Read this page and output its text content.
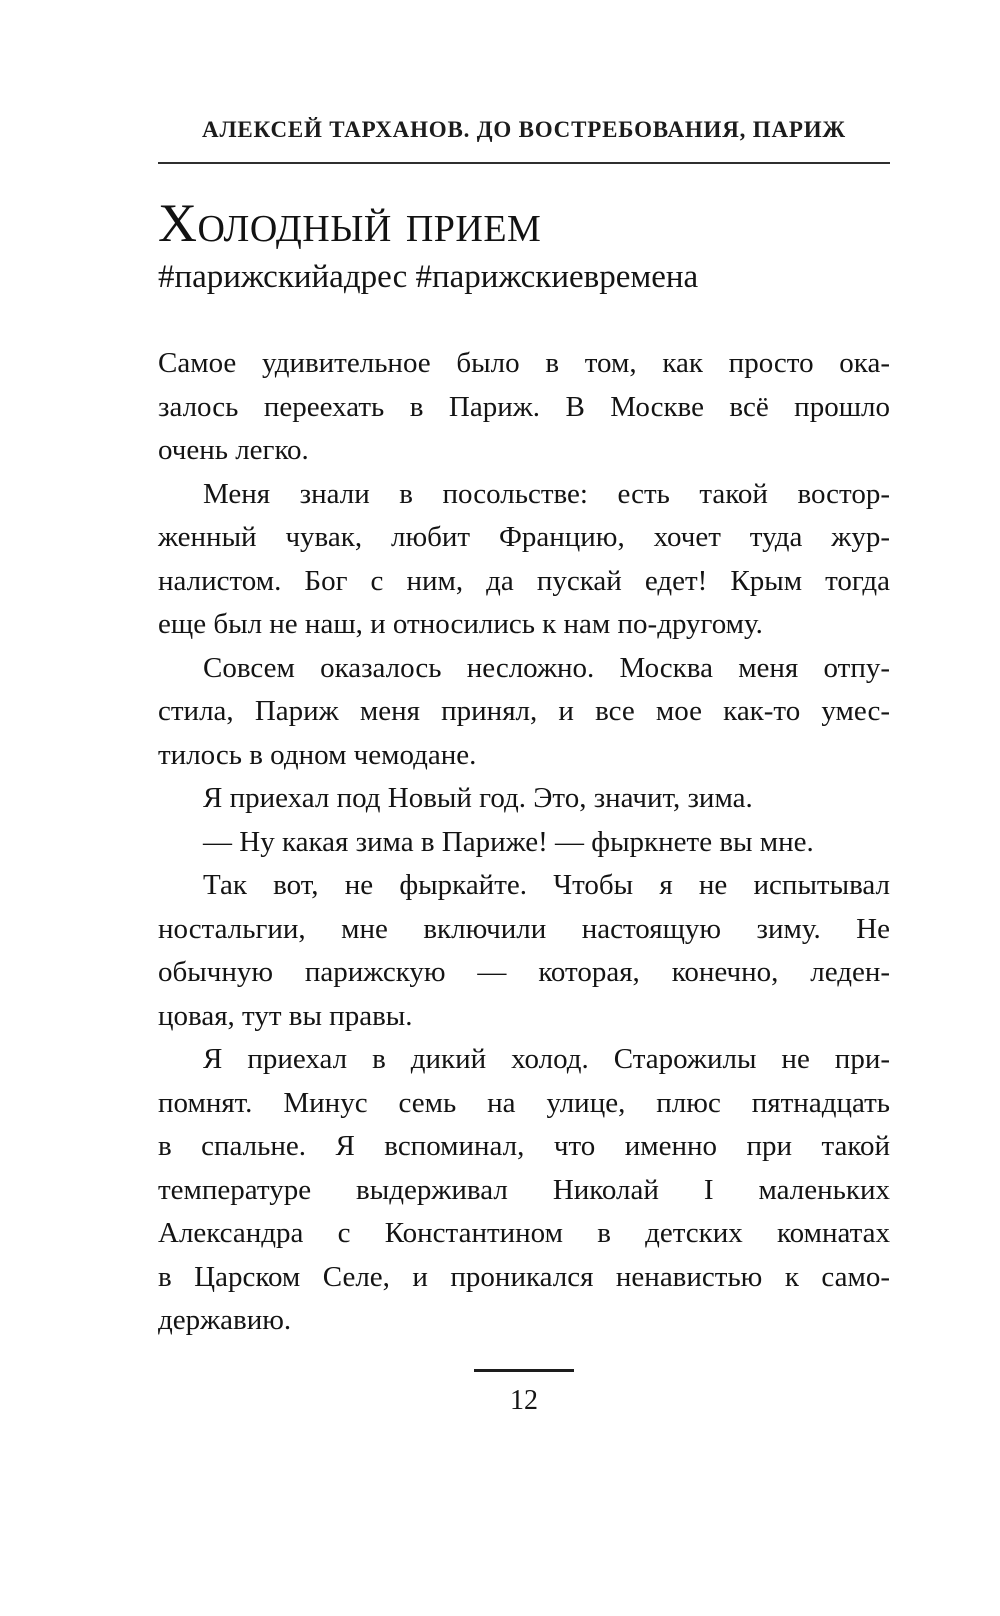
АЛЕКСЕЙ ТАРХАНОВ. ДО ВОСТРЕБОВАНИЯ, ПАРИЖ
Холодный прием
#парижскийадрес #парижскиевремена
Самое удивительное было в том, как просто ока-
залось переехать в Париж. В Москве всё прошло
очень легко.
Меня знали в посольстве: есть такой востор-
женный чувак, любит Францию, хочет туда жур-
налистом. Бог с ним, да пускай едет! Крым тогда
еще был не наш, и относились к нам по-другому.
Совсем оказалось несложно. Москва меня отпу-
стила, Париж меня принял, и все мое как-то умес-
тилось в одном чемодане.
Я приехал под Новый год. Это, значит, зима.
— Ну какая зима в Париже! — фыркнете вы мне.
Так вот, не фыркайте. Чтобы я не испытывал
ностальгии, мне включили настоящую зиму. Не
обычную парижскую — которая, конечно, леден-
цовая, тут вы правы.
Я приехал в дикий холод. Старожилы не при-
помнят. Минус семь на улице, плюс пятнадцать
в спальне. Я вспоминал, что именно при такой
температуре выдерживал Николай I маленьких
Александра с Константином в детских комнатах
в Царском Селе, и проникался ненавистью к само-
державию.
12
